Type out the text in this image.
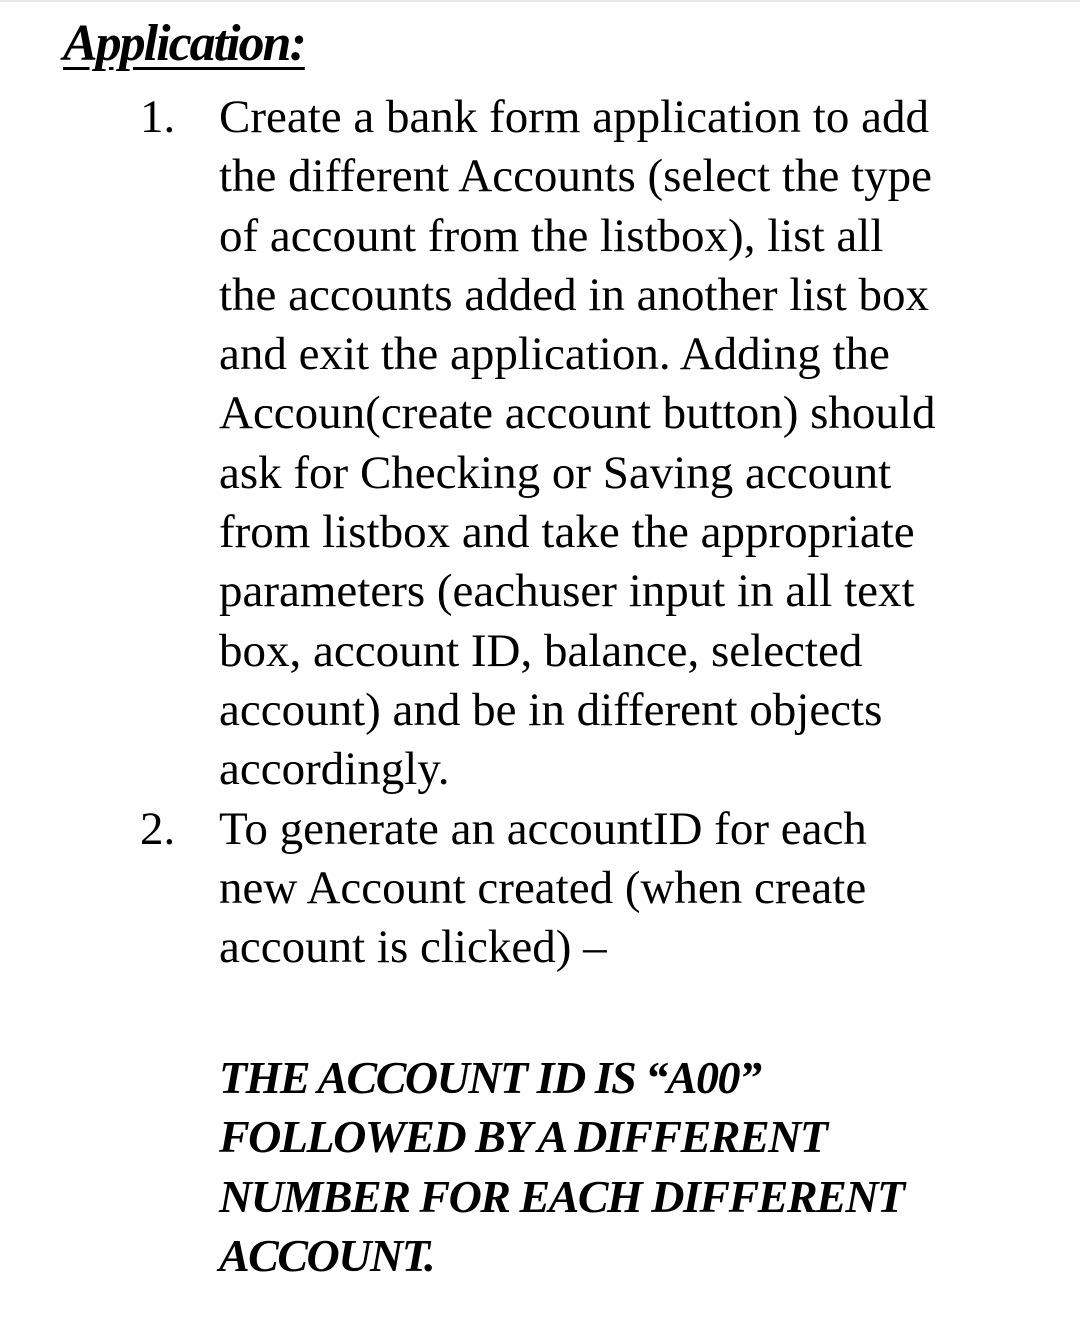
Application:
1. Create a bank form application to add
the different Accounts (select the type
of account from the listbox), list all
the accounts added in another list box
and exit the application. Adding the
Accoun(create account button) should
ask for Checking or Saving account
from listbox and take the appropriate
parameters (eachuser input in all text
box, account ID, balance, selected
account) and be in different objects
accordingly.
2. To generate an accountID for each
new Account created (when create
account is clicked) –
THE ACCOUNT ID IS “A00”
FOLLOWED BY A DIFFERENT
NUMBER FOR EACH DIFFERENT
ACCOUNT.
